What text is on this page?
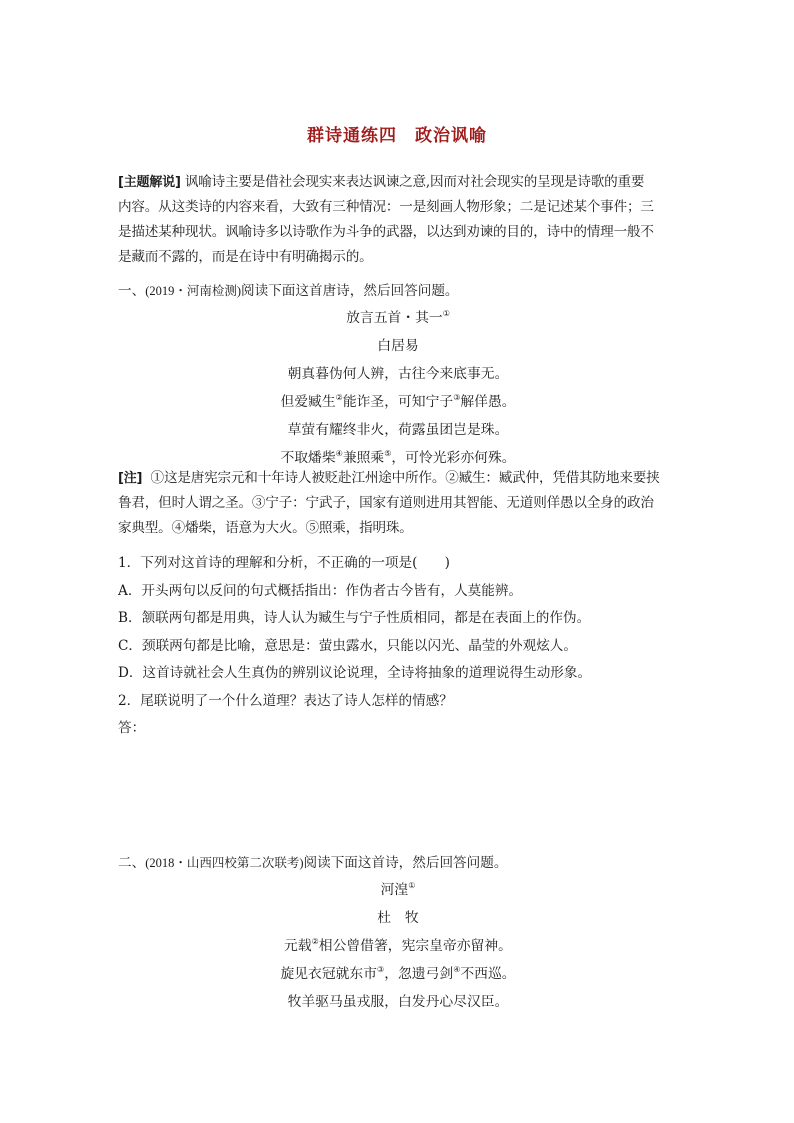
群诗通练四　政治讽喻
[主题解说] 讽喻诗主要是借社会现实来表达讽谏之意,因而对社会现实的呈现是诗歌的重要
内容。从这类诗的内容来看，大致有三种情况：一是刻画人物形象；二是记述某个事件；三
是描述某种现状。讽喻诗多以诗歌作为斗争的武器，以达到劝谏的目的，诗中的情理一般不
是藏而不露的，而是在诗中有明确揭示的。
一、(2019・河南检测)阅读下面这首唐诗，然后回答问题。
放言五首・其一①
白居易
朝真暮伪何人辨，古往今来底事无。
但爱臧生②能诈圣，可知宁子③解佯愚。
草萤有耀终非火，荷露虽团岂是珠。
不取燔柴④兼照乘⑤，可怜光彩亦何殊。
[注] ①这是唐宪宗元和十年诗人被贬赴江州途中所作。②臧生：臧武仲，凭借其防地来要挟
鲁君，但时人谓之圣。③宁子：宁武子，国家有道则进用其智能、无道则佯愚以全身的政治
家典型。④燔柴，语意为大火。⑤照乘，指明珠。
1．下列对这首诗的理解和分析，不正确的一项是(　　)
A．开头两句以反问的句式概括指出：作伪者古今皆有，人莫能辨。
B．颔联两句都是用典，诗人认为臧生与宁子性质相同，都是在表面上的作伪。
C．颈联两句都是比喻，意思是：萤虫露水，只能以闪光、晶莹的外观炫人。
D．这首诗就社会人生真伪的辨别议论说理，全诗将抽象的道理说得生动形象。
2．尾联说明了一个什么道理？表达了诗人怎样的情感？
答：
二、(2018・山西四校第二次联考)阅读下面这首诗，然后回答问题。
河湟①
杜　牧
元载②相公曾借箸，宪宗皇帝亦留神。
旋见衣冠就东市③，忽遗弓剑④不西巡。
牧羊驱马虽戎服，白发丹心尽汉臣。
